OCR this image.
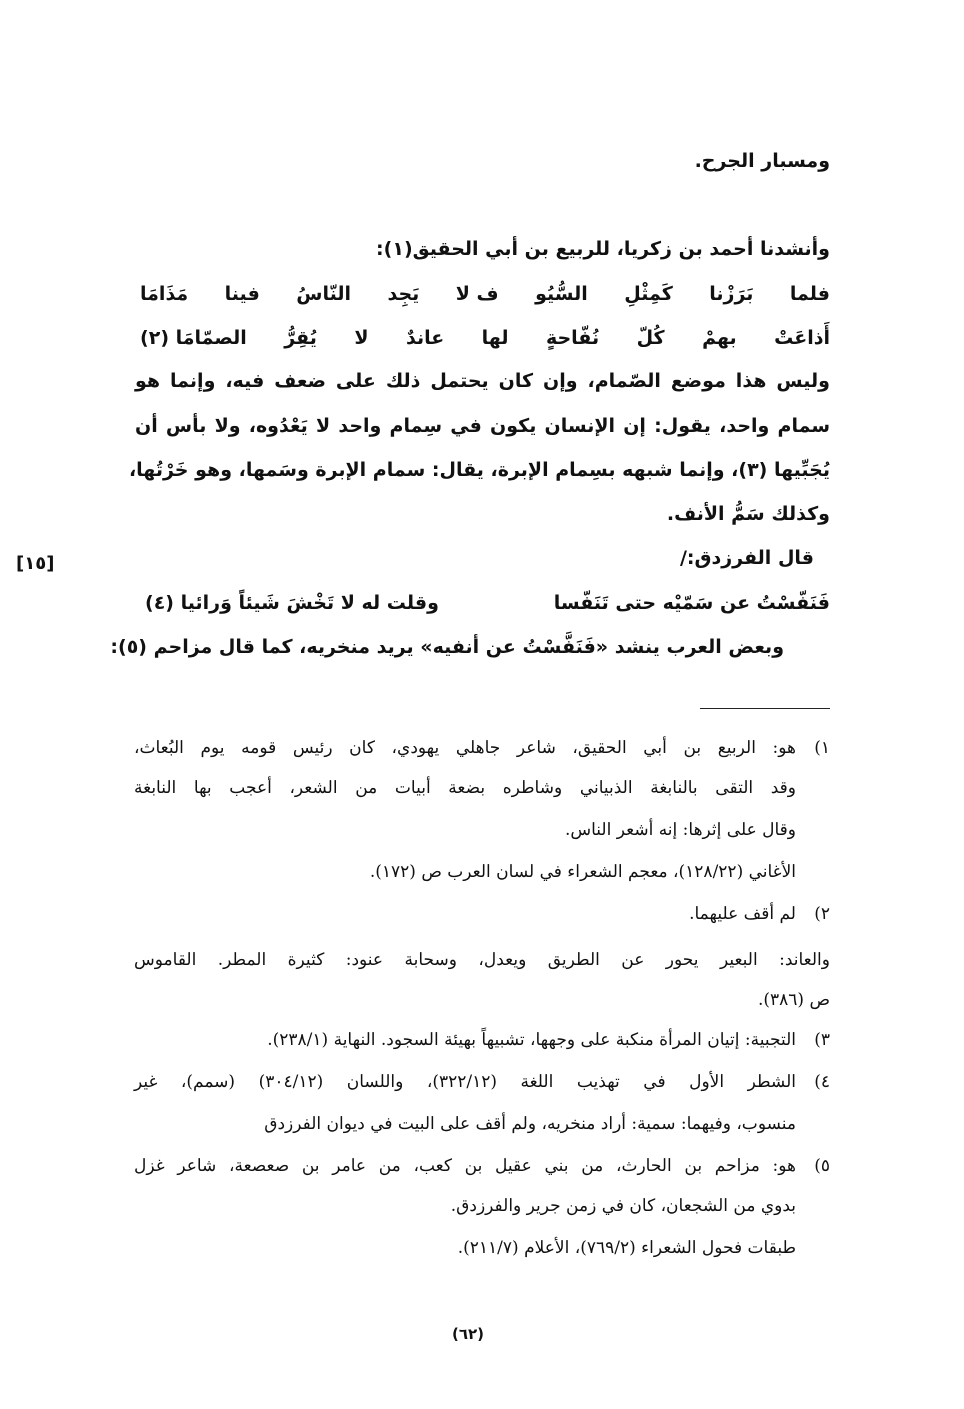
ومسبار الجرح.
وأنشدنا أحمد بن زكريا، للربيع بن أبي الحقيق(١):
فلما
بَرَزْنا
كَمِثْلِ
السُّيُو
ف لا
يَجِد
النّاسُ
فينا
مَذَامَا
أَذاعَتْ
بهمْ
كُلّ
نُفّاحةٍ
لها
عاندٌ
لا
يُقِرُّ
الصمّامَا (٢)
وليس هذا موضع الصّمام، وإن كان يحتمل ذلك على ضعف فيه، وإنما هو
سمام واحد، يقول: إن الإنسان يكون في سِمام واحد لا يَعْدُوه، ولا بأس أن
يُجَبِّيها (٣)، وإنما شبهه بسِمام الإبرة، يقال: سمام الإبرة وسَمها، وهو خَرْتُها،
وكذلك سَمُّ الأنف.
قال الفرزدق:/
[١٥]
فَنَفّسْتُ عن سَمّيْه حتى تَنَفّسا
وقلت له لا تَخْشَ شَيئاً وَرائيا (٤)
وبعض العرب ينشد «فَنَفَّسْتُ عن أنفيه» يريد منخريه، كما قال مزاحم (٥):
١)
هو: الربيع بن أبي الحقيق، شاعر جاهلي يهودي، كان رئيس قومه يوم البُعاث،
وقد التقى بالنابغة الذبياني وشاطره بضعة أبيات من الشعر، أعجب بها النابغة
وقال على إثرها: إنه أشعر الناس.
الأغاني (١٢٨/٢٢)، معجم الشعراء في لسان العرب ص (١٧٢).
٢)
لم أقف عليهما.
والعاند: البعير يحور عن الطريق ويعدل، وسحابة عنود: كثيرة المطر. القاموس
ص (٣٨٦).
٣)
التجبية: إتيان المرأة منكبة على وجهها، تشبيهاً بهيئة السجود. النهاية (٢٣٨/١).
٤)
الشطر الأول في تهذيب اللغة (٣٢٢/١٢)، واللسان (٣٠٤/١٢) (سمم)، غير
منسوب، وفيهما: سمية: أراد منخريه، ولم أقف على البيت في ديوان الفرزدق
٥)
هو: مزاحم بن الحارث، من بني عقيل بن كعب، من عامر بن صعصعة، شاعر غزل
بدوي من الشجعان، كان في زمن جرير والفرزدق.
طبقات فحول الشعراء (٧٦٩/٢)، الأعلام (٢١١/٧).
(٦٢)
